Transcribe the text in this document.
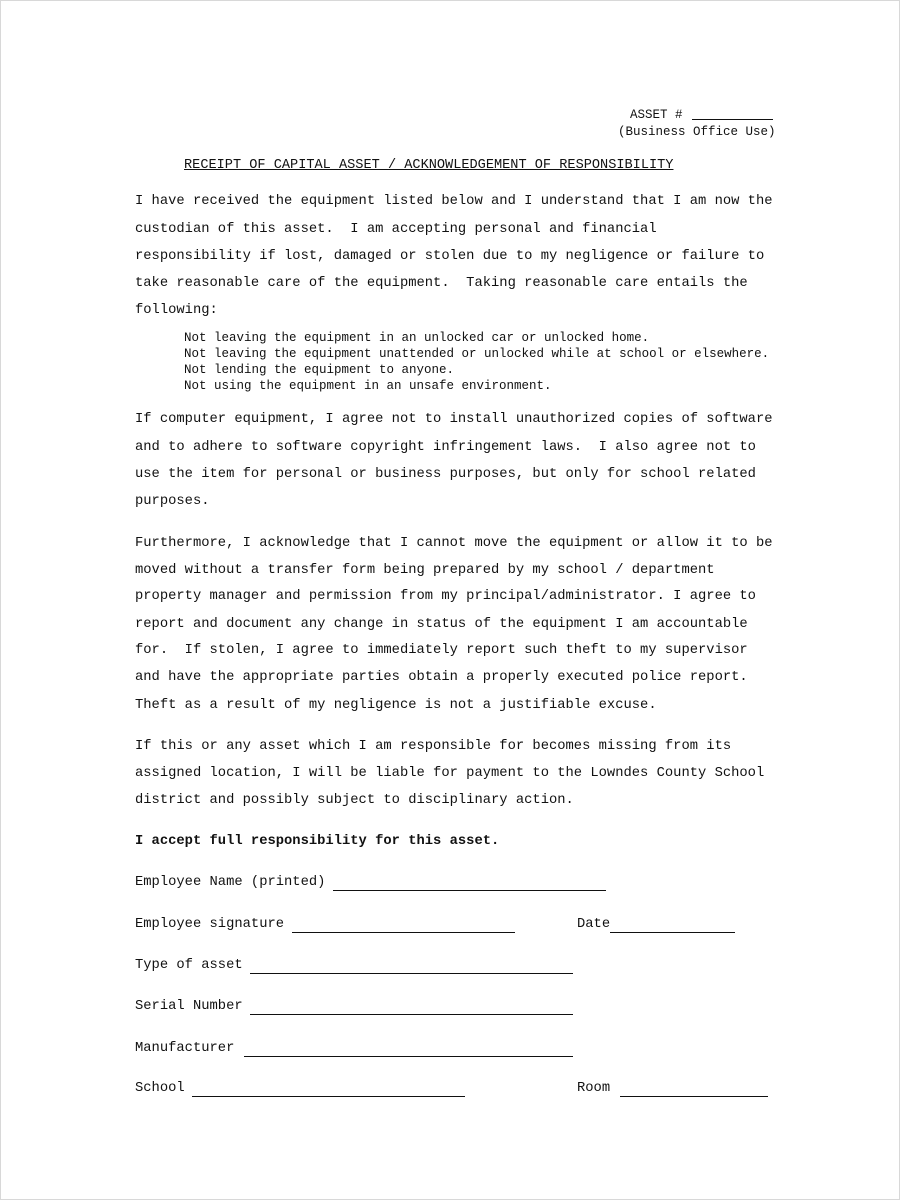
ASSET #
(Business Office Use)
RECEIPT OF CAPITAL ASSET / ACKNOWLEDGEMENT OF RESPONSIBILITY
I have received the equipment listed below and I understand that I am now the
custodian of this asset.  I am accepting personal and financial
responsibility if lost, damaged or stolen due to my negligence or failure to
take reasonable care of the equipment.  Taking reasonable care entails the
following:
Not leaving the equipment in an unlocked car or unlocked home.
Not leaving the equipment unattended or unlocked while at school or elsewhere.
Not lending the equipment to anyone.
Not using the equipment in an unsafe environment.
If computer equipment, I agree not to install unauthorized copies of software
and to adhere to software copyright infringement laws.  I also agree not to
use the item for personal or business purposes, but only for school related
purposes.
Furthermore, I acknowledge that I cannot move the equipment or allow it to be
moved without a transfer form being prepared by my school / department
property manager and permission from my principal/administrator. I agree to
report and document any change in status of the equipment I am accountable
for.  If stolen, I agree to immediately report such theft to my supervisor
and have the appropriate parties obtain a properly executed police report.
Theft as a result of my negligence is not a justifiable excuse.
If this or any asset which I am responsible for becomes missing from its
assigned location, I will be liable for payment to the Lowndes County School
district and possibly subject to disciplinary action.
I accept full responsibility for this asset.
Employee Name (printed)
Employee signature	Date
Type of asset
Serial Number
Manufacturer
School	Room
